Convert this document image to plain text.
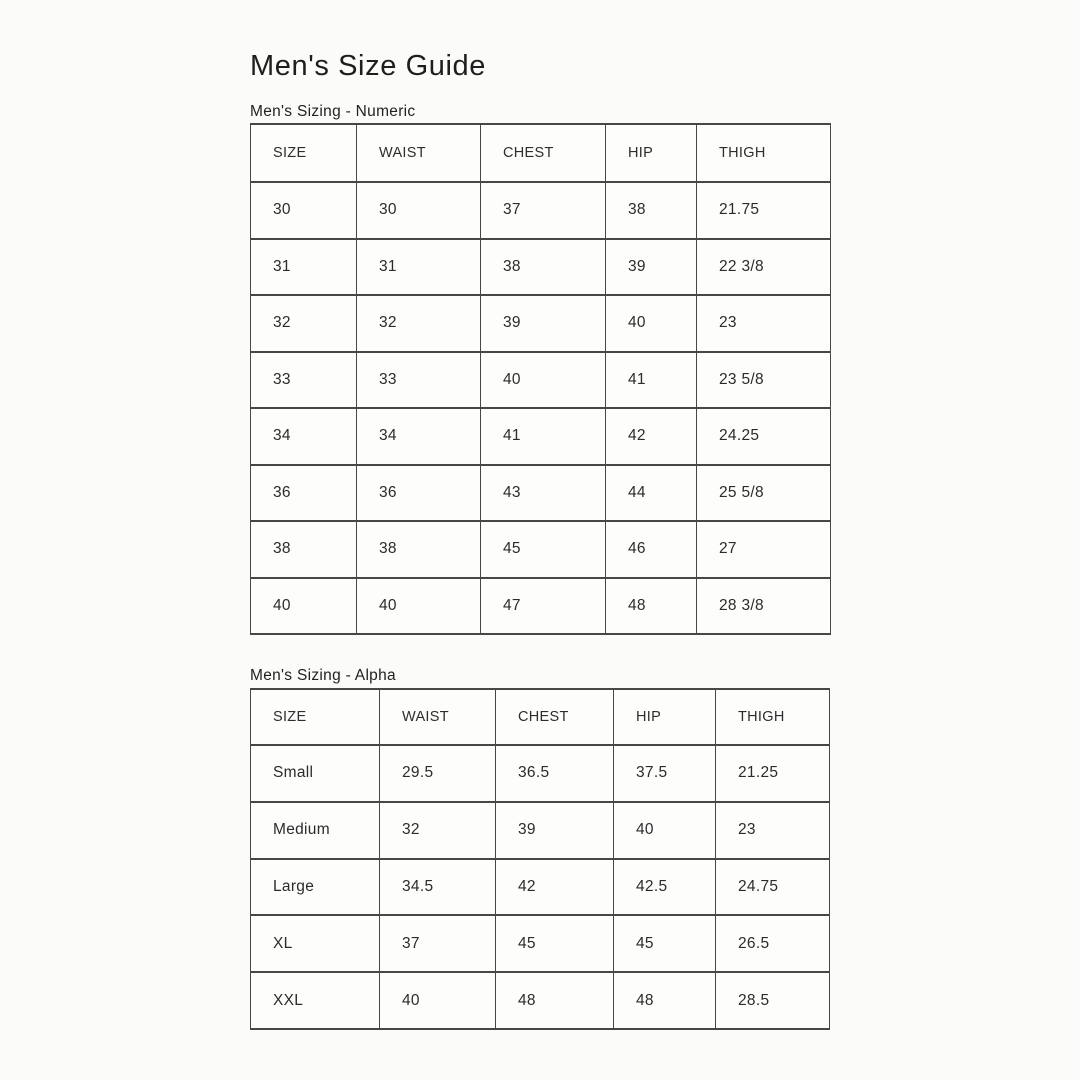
Men's Size Guide
Men's Sizing - Numeric
SIZE	WAIST	CHEST	HIP	THIGH
30	30	37	38	21.75
31	31	38	39	22 3/8
32	32	39	40	23
33	33	40	41	23 5/8
34	34	41	42	24.25
36	36	43	44	25 5/8
38	38	45	46	27
40	40	47	48	28 3/8
Men's Sizing - Alpha
SIZE	WAIST	CHEST	HIP	THIGH
Small	29.5	36.5	37.5	21.25
Medium	32	39	40	23
Large	34.5	42	42.5	24.75
XL	37	45	45	26.5
XXL	40	48	48	28.5
